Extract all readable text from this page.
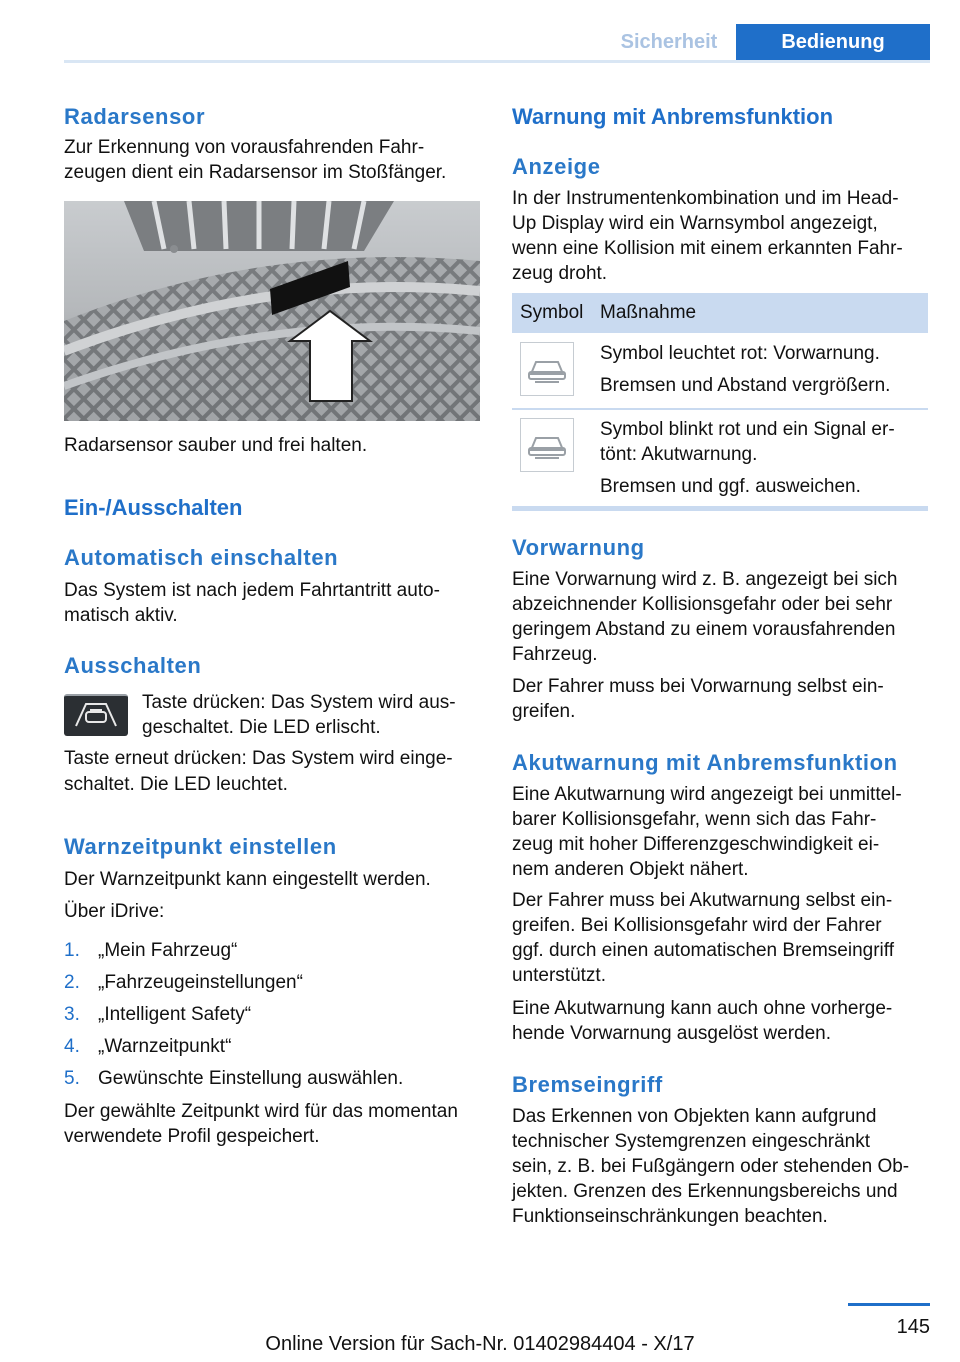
Sicherheit	Bedienung
Radarsensor
Zur Erkennung von vorausfahrenden Fahr-
zeugen dient ein Radarsensor im Stoßfänger.
Radarsensor sauber und frei halten.
Ein-/Ausschalten
Automatisch einschalten
Das System ist nach jedem Fahrtantritt auto-
matisch aktiv.
Ausschalten
Taste drücken: Das System wird aus-
geschaltet. Die LED erlischt.
Taste erneut drücken: Das System wird einge-
schaltet. Die LED leuchtet.
Warnzeitpunkt einstellen
Der Warnzeitpunkt kann eingestellt werden.
Über iDrive:
1. „Mein Fahrzeug“
2. „Fahrzeugeinstellungen“
3. „Intelligent Safety“
4. „Warnzeitpunkt“
5. Gewünschte Einstellung auswählen.
Der gewählte Zeitpunkt wird für das momentan
verwendete Profil gespeichert.
Warnung mit Anbremsfunktion
Anzeige
In der Instrumentenkombination und im Head-
Up Display wird ein Warnsymbol angezeigt,
wenn eine Kollision mit einem erkannten Fahr-
zeug droht.
Symbol Maßnahme
Symbol leuchtet rot: Vorwarnung.
Bremsen und Abstand vergrößern.
Symbol blinkt rot und ein Signal er-
tönt: Akutwarnung.
Bremsen und ggf. ausweichen.
Vorwarnung
Eine Vorwarnung wird z. B. angezeigt bei sich
abzeichnender Kollisionsgefahr oder bei sehr
geringem Abstand zu einem vorausfahrenden
Fahrzeug.
Der Fahrer muss bei Vorwarnung selbst ein-
greifen.
Akutwarnung mit Anbremsfunktion
Eine Akutwarnung wird angezeigt bei unmittel-
barer Kollisionsgefahr, wenn sich das Fahr-
zeug mit hoher Differenzgeschwindigkeit ei-
nem anderen Objekt nähert.
Der Fahrer muss bei Akutwarnung selbst ein-
greifen. Bei Kollisionsgefahr wird der Fahrer
ggf. durch einen automatischen Bremseingriff
unterstützt.
Eine Akutwarnung kann auch ohne vorherge-
hende Vorwarnung ausgelöst werden.
Bremseingriff
Das Erkennen von Objekten kann aufgrund
technischer Systemgrenzen eingeschränkt
sein, z. B. bei Fußgängern oder stehenden Ob-
jekten. Grenzen des Erkennungsbereichs und
Funktionseinschränkungen beachten.
145
Online Version für Sach-Nr. 01402984404 - X/17
